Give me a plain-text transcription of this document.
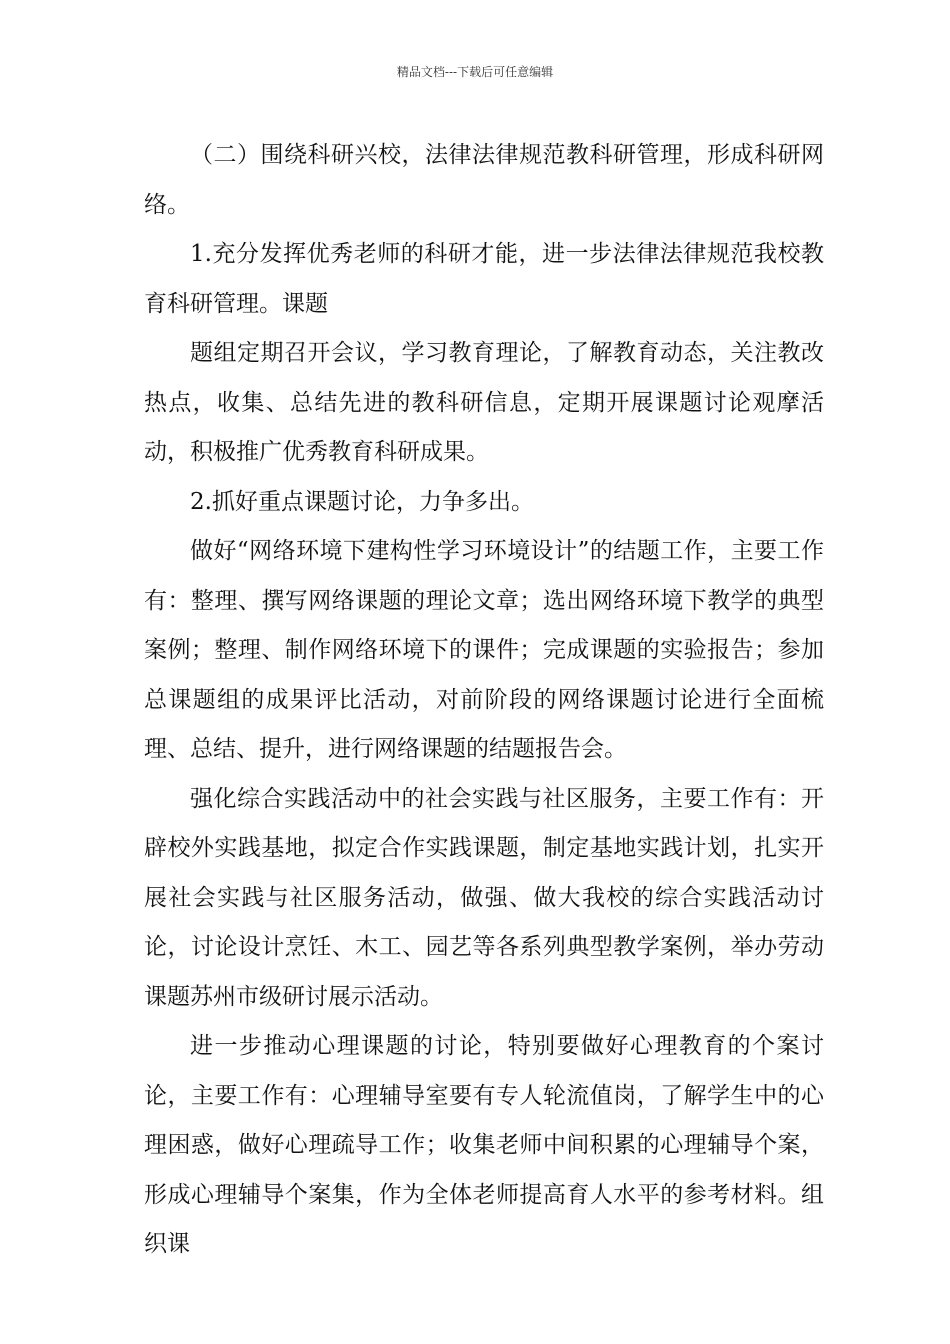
精品文档---下载后可任意编辑

（二）围绕科研兴校，法律法律规范教科研管理，形成科研网络。

1.充分发挥优秀老师的科研才能，进一步法律法律规范我校教育科研管理。课题

题组定期召开会议，学习教育理论，了解教育动态，关注教改热点，收集、总结先进的教科研信息，定期开展课题讨论观摩活动，积极推广优秀教育科研成果。

2.抓好重点课题讨论，力争多出。

做好“网络环境下建构性学习环境设计”的结题工作，主要工作有：整理、撰写网络课题的理论文章；选出网络环境下教学的典型案例；整理、制作网络环境下的课件；完成课题的实验报告；参加总课题组的成果评比活动，对前阶段的网络课题讨论进行全面梳理、总结、提升，进行网络课题的结题报告会。

强化综合实践活动中的社会实践与社区服务，主要工作有：开辟校外实践基地，拟定合作实践课题，制定基地实践计划，扎实开展社会实践与社区服务活动，做强、做大我校的综合实践活动讨论，讨论设计烹饪、木工、园艺等各系列典型教学案例，举办劳动课题苏州市级研讨展示活动。

进一步推动心理课题的讨论，特别要做好心理教育的个案讨论，主要工作有：心理辅导室要有专人轮流值岗，了解学生中的心理困惑，做好心理疏导工作；收集老师中间积累的心理辅导个案，形成心理辅导个案集，作为全体老师提高育人水平的参考材料。组织课
